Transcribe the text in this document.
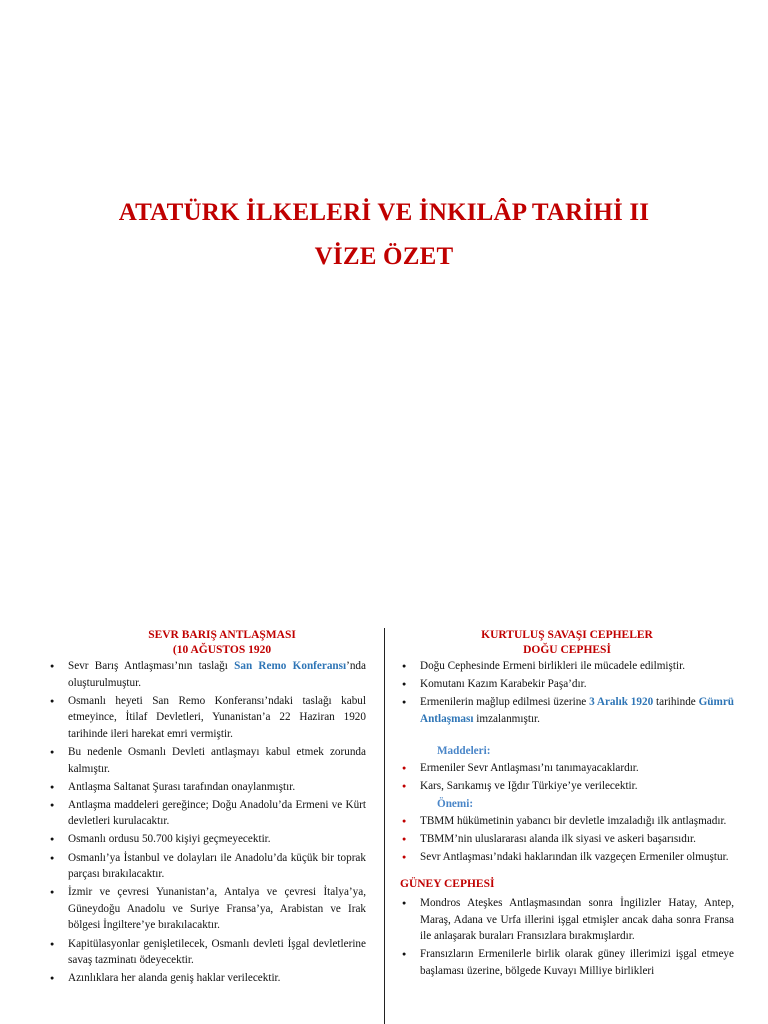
ATATÜRK İLKELERİ VE İNKILÂP TARİHİ II
VİZE ÖZET
SEVR BARIŞ ANTLAŞMASI
(10 AĞUSTOS 1920
● Sevr Barış Antlaşması’nın taslağı San Remo Konferansı’nda oluşturulmuştur.
● Osmanlı heyeti San Remo Konferansı’ndaki taslağı kabul etmeyince, İtilaf Devletleri, Yunanistan’a 22 Haziran 1920 tarihinde ileri harekat emri vermiştir.
● Bu nedenle Osmanlı Devleti antlaşmayı kabul etmek zorunda kalmıştır.
● Antlaşma Saltanat Şurası tarafından onaylanmıştır.
● Antlaşma maddeleri gereğince; Doğu Anadolu’da Ermeni ve Kürt devletleri kurulacaktır.
● Osmanlı ordusu 50.700 kişiyi geçmeyecektir.
● Osmanlı’ya İstanbul ve dolayları ile Anadolu’da küçük bir toprak parçası bırakılacaktır.
● İzmir ve çevresi Yunanistan’a, Antalya ve çevresi İtalya’ya, Güneydoğu Anadolu ve Suriye Fransa’ya, Arabistan ve Irak bölgesi İngiltere’ye bırakılacaktır.
● Kapitülasyonlar genişletilecek, Osmanlı devleti İşgal devletlerine savaş tazminatı ödeyecektir.
● Azınlıklara her alanda geniş haklar verilecektir.
KURTULUŞ SAVAŞI CEPHELER
DOĞU CEPHESİ
● Doğu Cephesinde Ermeni birlikleri ile mücadele edilmiştir.
● Komutanı Kazım Karabekir Paşa’dır.
● Ermenilerin mağlup edilmesi üzerine 3 Aralık 1920 tarihinde Gümrü Antlaşması imzalanmıştır.
Maddeleri:
● Ermeniler Sevr Antlaşması’nı tanımayacaklardır.
● Kars, Sarıkamış ve Iğdır Türkiye’ye verilecektir.
Önemi:
● TBMM hükümetinin yabancı bir devletle imzaladığı ilk antlaşmadır.
● TBMM’nin uluslararası alanda ilk siyasi ve askeri başarısıdır.
● Sevr Antlaşması’ndaki haklarından ilk vazgeçen Ermeniler olmuştur.
GÜNEY CEPHESİ
● Mondros Ateşkes Antlaşmasından sonra İngilizler Hatay, Antep, Maraş, Adana ve Urfa illerini işgal etmişler ancak daha sonra Fransa ile anlaşarak buraları Fransızlara bırakmışlardır.
● Fransızların Ermenilerle birlik olarak güney illerimizi işgal etmeye başlaması üzerine, bölgede Kuvayı Milliye birlikleri
